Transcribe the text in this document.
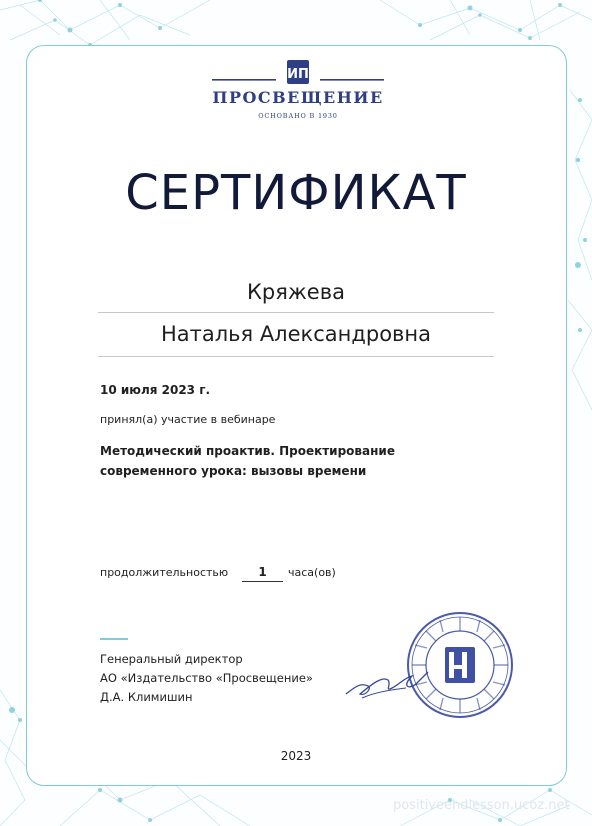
ИП
ПРОСВЕЩЕНИЕ
ОСНОВАНО В 1930
СЕРТИФИКАТ
Кряжева
Наталья Александровна
10 июля 2023 г.
принял(а) участие в вебинаре
Методический проактив. Проектирование
современного урока: вызовы времени
продолжительностью	1	часа(ов)
Генеральный директор
АО «Издательство «Просвещение»
Д.А. Климишин
2023
positiveehdlesson.ucoz.net
